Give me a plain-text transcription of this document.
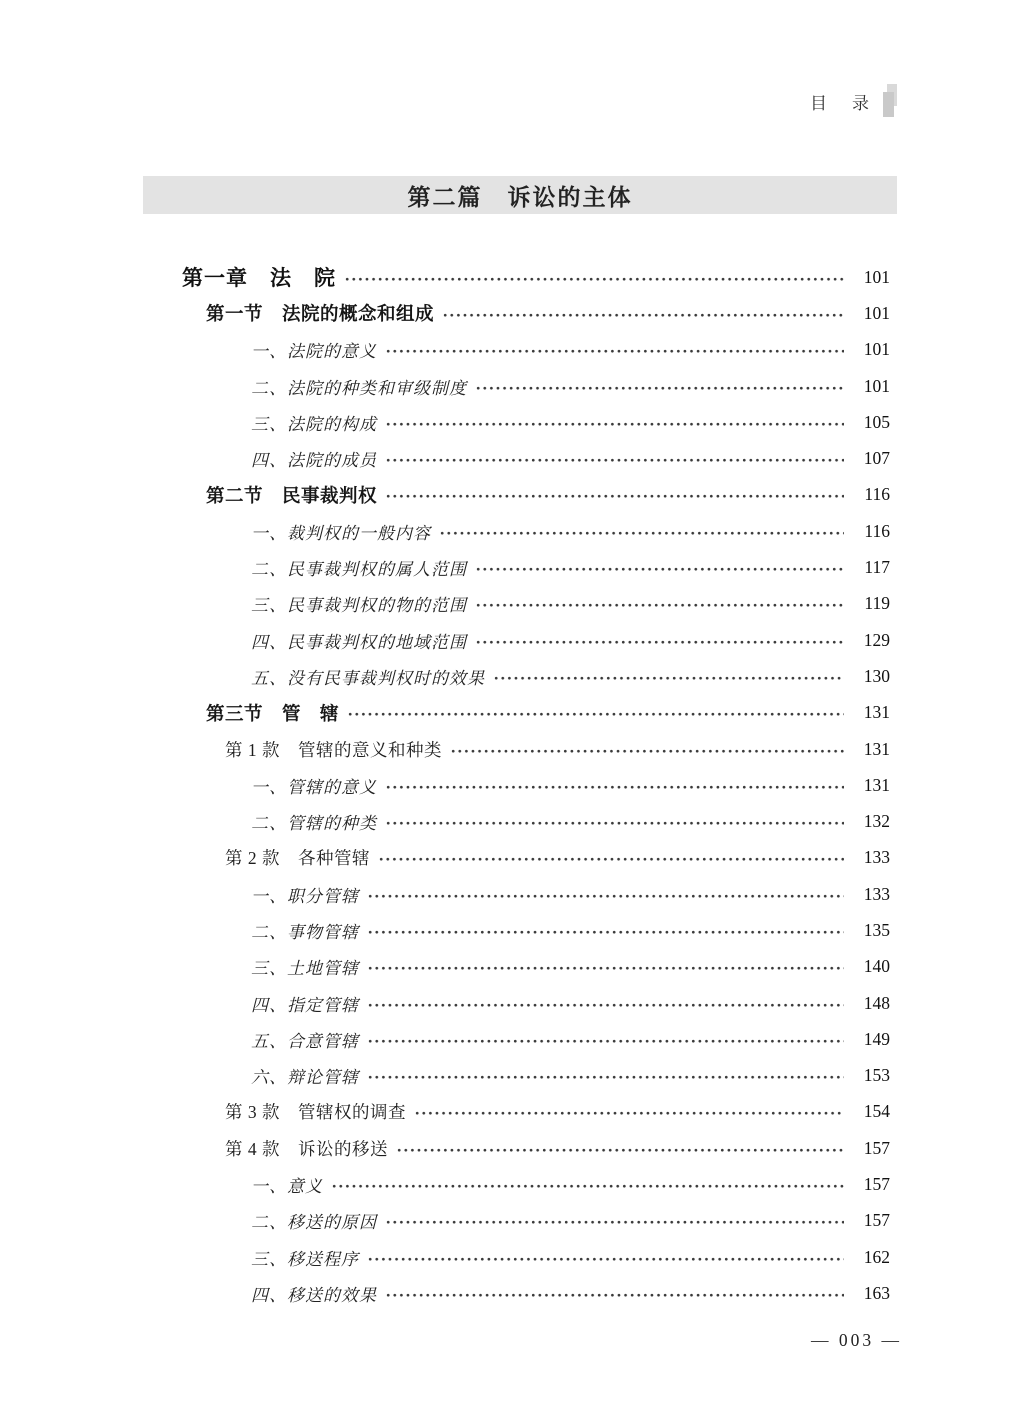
目　录
第二篇　诉讼的主体
第一章　法　院	101
第一节　法院的概念和组成	101
一、法院的意义	101
二、法院的种类和审级制度	101
三、法院的构成	105
四、法院的成员	107
第二节　民事裁判权	116
一、裁判权的一般内容	116
二、民事裁判权的属人范围	117
三、民事裁判权的物的范围	119
四、民事裁判权的地域范围	129
五、没有民事裁判权时的效果	130
第三节　管　辖	131
第 1 款　管辖的意义和种类	131
一、管辖的意义	131
二、管辖的种类	132
第 2 款　各种管辖	133
一、职分管辖	133
二、事物管辖	135
三、土地管辖	140
四、指定管辖	148
五、合意管辖	149
六、辩论管辖	153
第 3 款　管辖权的调查	154
第 4 款　诉讼的移送	157
一、意义	157
二、移送的原因	157
三、移送程序	162
四、移送的效果	163
— 003 —
